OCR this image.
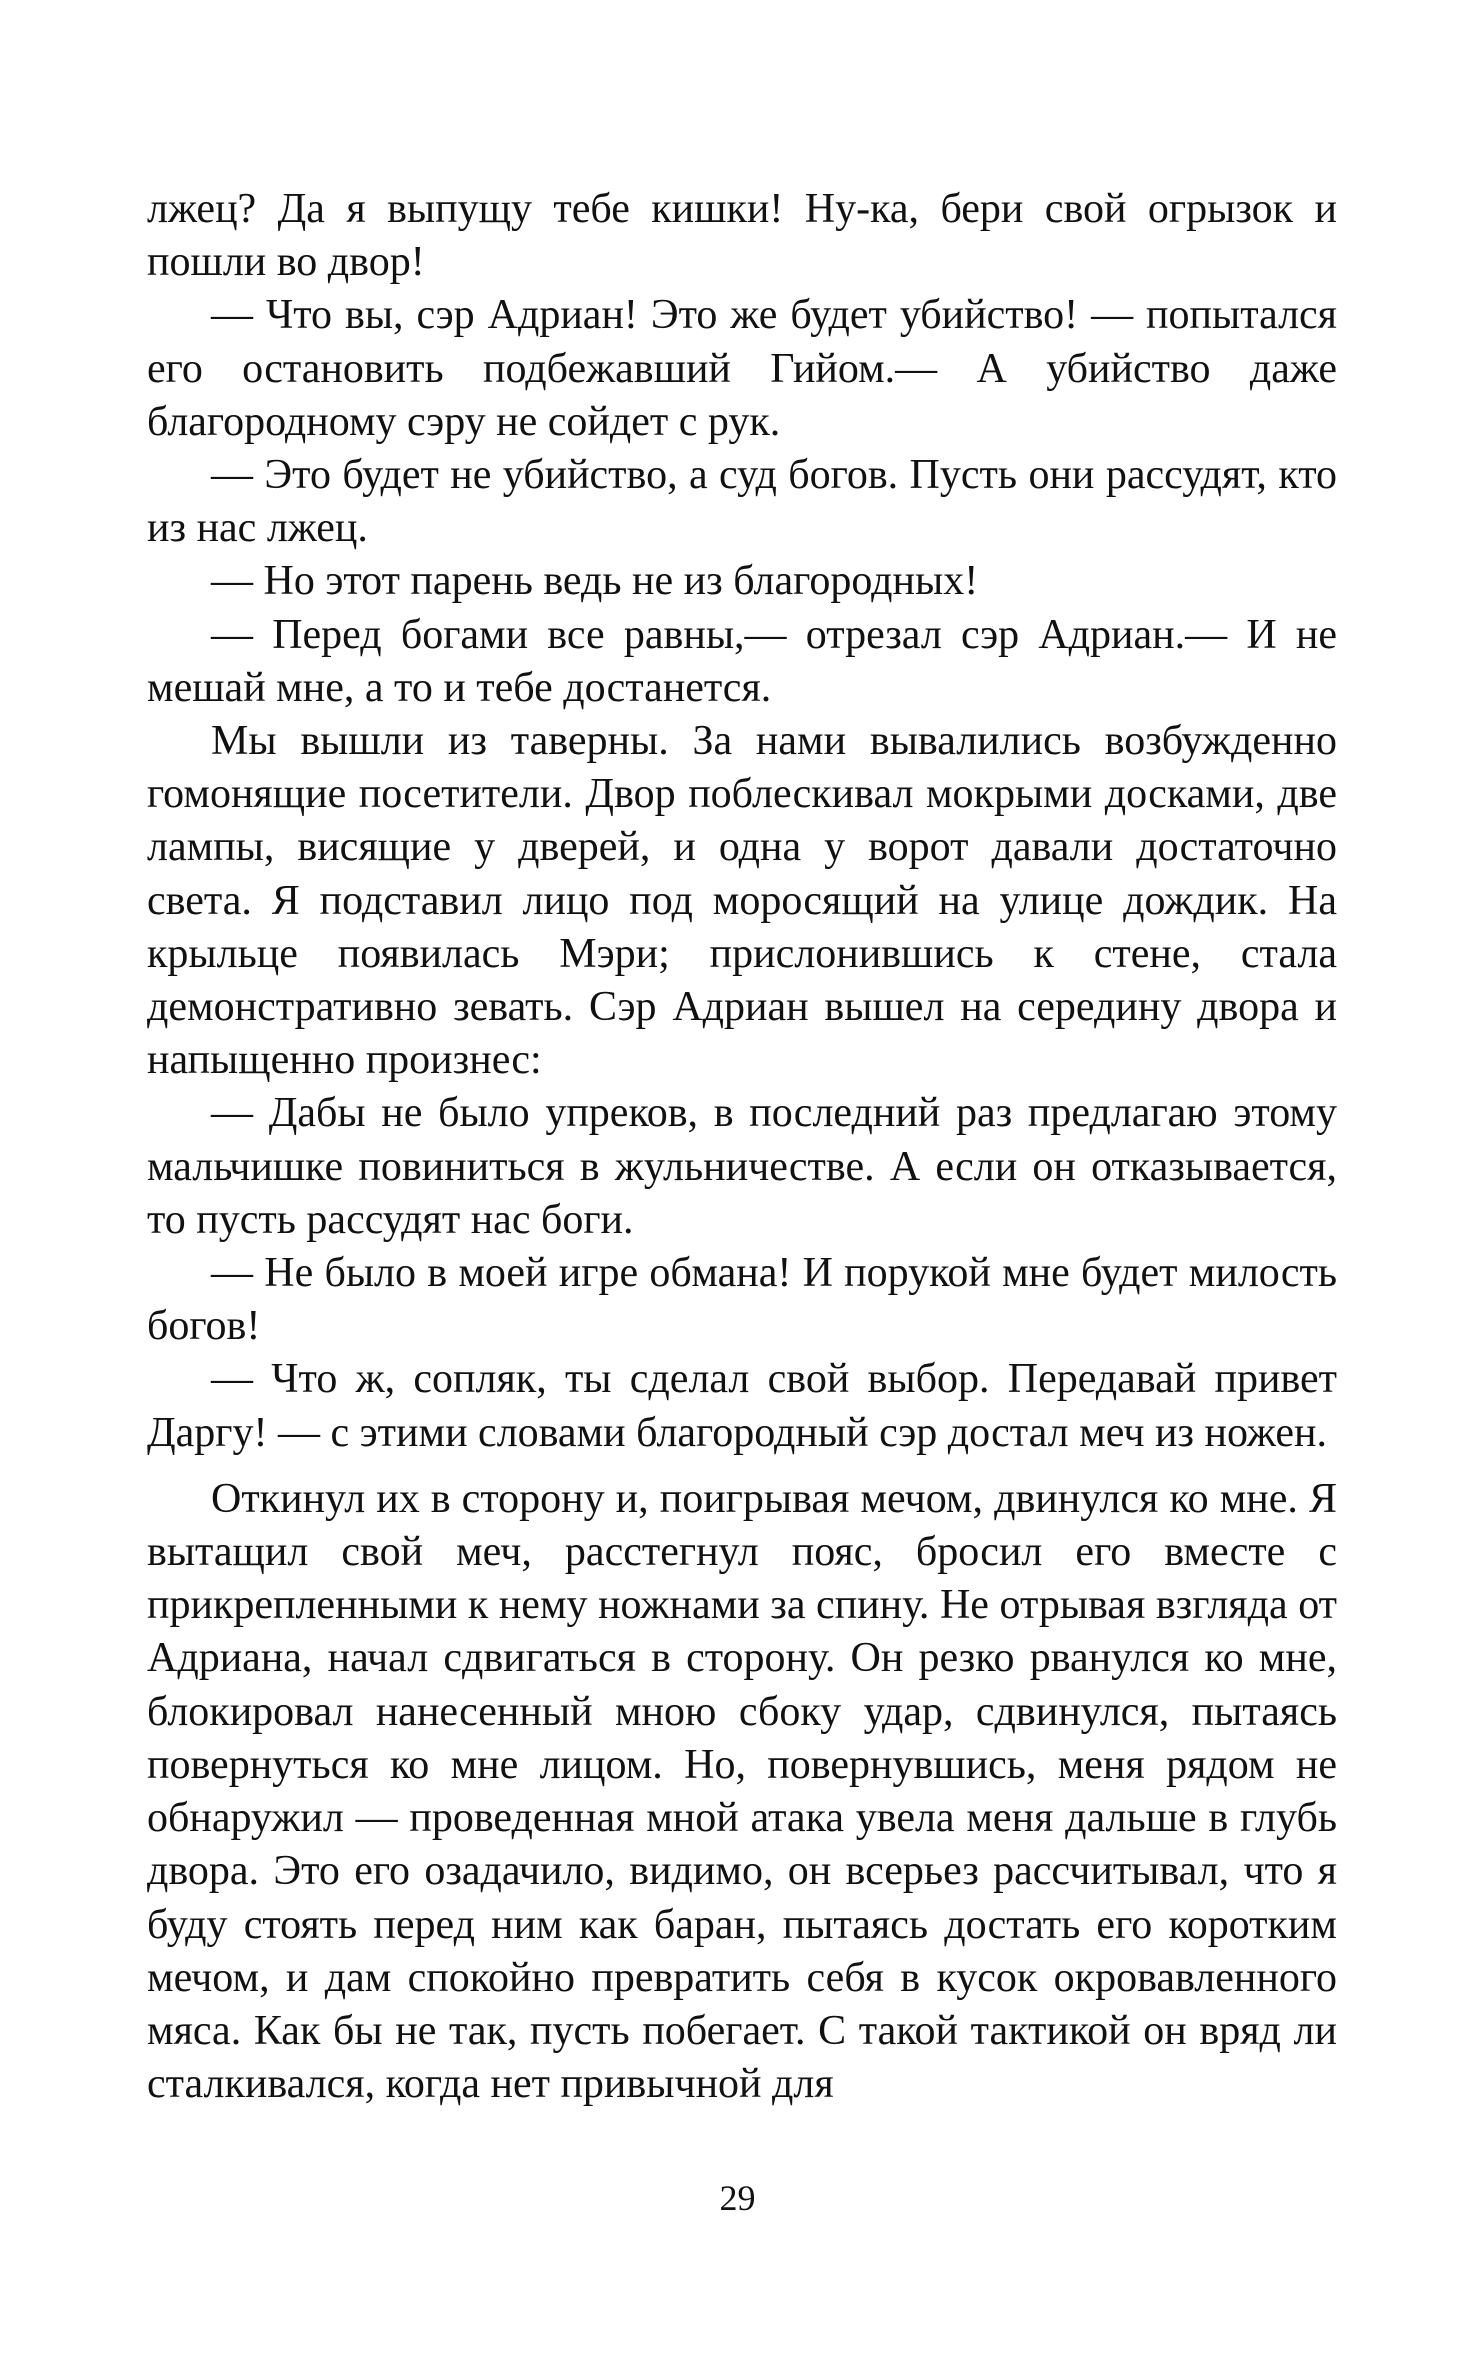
лжец? Да я выпущу тебе кишки! Ну-ка, бери свой огрызок и пошли во двор!

— Что вы, сэр Адриан! Это же будет убийство! — попытался его остановить подбежавший Гийом.— А убийство даже благородному сэру не сойдет с рук.

— Это будет не убийство, а суд богов. Пусть они рассудят, кто из нас лжец.

— Но этот парень ведь не из благородных!

— Перед богами все равны,— отрезал сэр Адриан.— И не мешай мне, а то и тебе достанется.

Мы вышли из таверны. За нами вывалились возбужденно гомонящие посетители. Двор поблескивал мокрыми досками, две лампы, висящие у дверей, и одна у ворот давали достаточно света. Я подставил лицо под моросящий на улице дождик. На крыльце появилась Мэри; прислонившись к стене, стала демонстративно зевать. Сэр Адриан вышел на середину двора и напыщенно произнес:

— Дабы не было упреков, в последний раз предлагаю этому мальчишке повиниться в жульничестве. А если он отказывается, то пусть рассудят нас боги.

— Не было в моей игре обмана! И порукой мне будет милость богов!

— Что ж, сопляк, ты сделал свой выбор. Передавай привет Даргу! — с этими словами благородный сэр достал меч из ножен.

Откинул их в сторону и, поигрывая мечом, двинулся ко мне. Я вытащил свой меч, расстегнул пояс, бросил его вместе с прикрепленными к нему ножнами за спину. Не отрывая взгляда от Адриана, начал сдвигаться в сторону. Он резко рванулся ко мне, блокировал нанесенный мною сбоку удар, сдвинулся, пытаясь повернуться ко мне лицом. Но, повернувшись, меня рядом не обнаружил — проведенная мной атака увела меня дальше в глубь двора. Это его озадачило, видимо, он всерьез рассчитывал, что я буду стоять перед ним как баран, пытаясь достать его коротким мечом, и дам спокойно превратить себя в кусок окровавленного мяса. Как бы не так, пусть побегает. С такой тактикой он вряд ли сталкивался, когда нет привычной для

29
